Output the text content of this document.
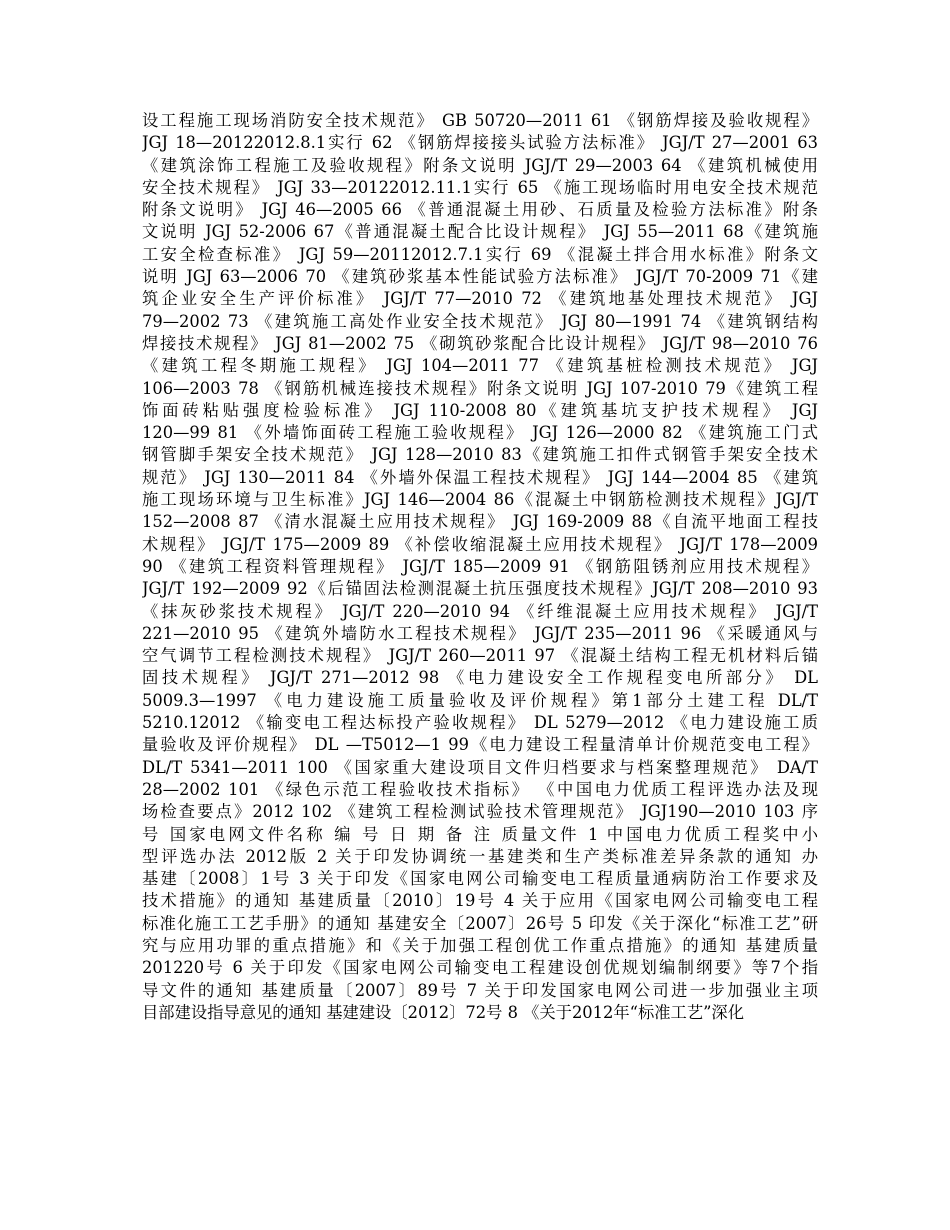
设工程施工现场消防安全技术规范》 GB 50720—2011 61 《钢筋焊接及验收规程》
JGJ 18—20122012.8.1实行 62 《钢筋焊接接头试验方法标准》 JGJ/T 27—2001 63
《建筑涂饰工程施工及验收规程》附条文说明 JGJ/T 29—2003 64 《建筑机械使用
安全技术规程》 JGJ 33—20122012.11.1实行 65 《施工现场临时用电安全技术规范
附条文说明》 JGJ 46—2005 66 《普通混凝土用砂、石质量及检验方法标准》附条
文说明 JGJ 52-2006 67《普通混凝土配合比设计规程》 JGJ 55—2011 68《建筑施
工安全检查标准》 JGJ 59—20112012.7.1实行 69 《混凝土拌合用水标准》附条文
说明 JGJ 63—2006 70 《建筑砂浆基本性能试验方法标准》 JGJ/T 70-2009 71《建
筑企业安全生产评价标准》 JGJ/T 77—2010 72 《建筑地基处理技术规范》 JGJ
79—2002 73 《建筑施工高处作业安全技术规范》 JGJ 80—1991 74 《建筑钢结构
焊接技术规程》 JGJ 81—2002 75 《砌筑砂浆配合比设计规程》 JGJ/T 98—2010 76
《建筑工程冬期施工规程》 JGJ 104—2011 77 《建筑基桩检测技术规范》 JGJ
106—2003 78 《钢筋机械连接技术规程》附条文说明 JGJ 107-2010 79《建筑工程
饰面砖粘贴强度检验标准》 JGJ 110-2008 80《建筑基坑支护技术规程》 JGJ
120—99 81 《外墙饰面砖工程施工验收规程》 JGJ 126—2000 82 《建筑施工门式
钢管脚手架安全技术规范》 JGJ 128—2010 83《建筑施工扣件式钢管手架安全技术
规范》 JGJ 130—2011 84 《外墙外保温工程技术规程》 JGJ 144—2004 85 《建筑
施工现场环境与卫生标准》JGJ 146—2004 86《混凝土中钢筋检测技术规程》JGJ/T
152—2008 87 《清水混凝土应用技术规程》 JGJ 169-2009 88《自流平地面工程技
术规程》 JGJ/T 175—2009 89 《补偿收缩混凝土应用技术规程》 JGJ/T 178—2009
90 《建筑工程资料管理规程》 JGJ/T 185—2009 91 《钢筋阻锈剂应用技术规程》
JGJ/T 192—2009 92《后锚固法检测混凝土抗压强度技术规程》JGJ/T 208—2010 93
《抹灰砂浆技术规程》 JGJ/T 220—2010 94 《纤维混凝土应用技术规程》 JGJ/T
221—2010 95 《建筑外墙防水工程技术规程》 JGJ/T 235—2011 96 《采暖通风与
空气调节工程检测技术规程》 JGJ/T 260—2011 97 《混凝土结构工程无机材料后锚
固技术规程》 JGJ/T 271—2012 98 《电力建设安全工作规程变电所部分》 DL
5009.3—1997 《电力建设施工质量验收及评价规程》第1部分土建工程 DL/T
5210.12012 《输变电工程达标投产验收规程》 DL 5279—2012 《电力建设施工质
量验收及评价规程》 DL —T5012—1 99《电力建设工程量清单计价规范变电工程》
DL/T 5341—2011 100 《国家重大建设项目文件归档要求与档案整理规范》 DA/T
28—2002 101 《绿色示范工程验收技术指标》 《中国电力优质工程评选办法及现
场检查要点》2012 102 《建筑工程检测试验技术管理规范》 JGJ190—2010 103 序
号 国家电网文件名称 编 号 日 期 备 注 质量文件 1 中国电力优质工程奖中小
型评选办法 2012版 2 关于印发协调统一基建类和生产类标准差异条款的通知 办
基建〔2008〕1号 3 关于印发《国家电网公司输变电工程质量通病防治工作要求及
技术措施》的通知 基建质量〔2010〕19号 4 关于应用《国家电网公司输变电工程
标准化施工工艺手册》的通知 基建安全〔2007〕26号 5 印发《关于深化“标准工艺”研
究与应用功罪的重点措施》和《关于加强工程创优工作重点措施》的通知 基建质量
201220号 6 关于印发《国家电网公司输变电工程建设创优规划编制纲要》等7个指
导文件的通知 基建质量〔2007〕89号 7 关于印发国家电网公司进一步加强业主项
目部建设指导意见的通知 基建建设〔2012〕72号 8 《关于2012年“标准工艺”深化
